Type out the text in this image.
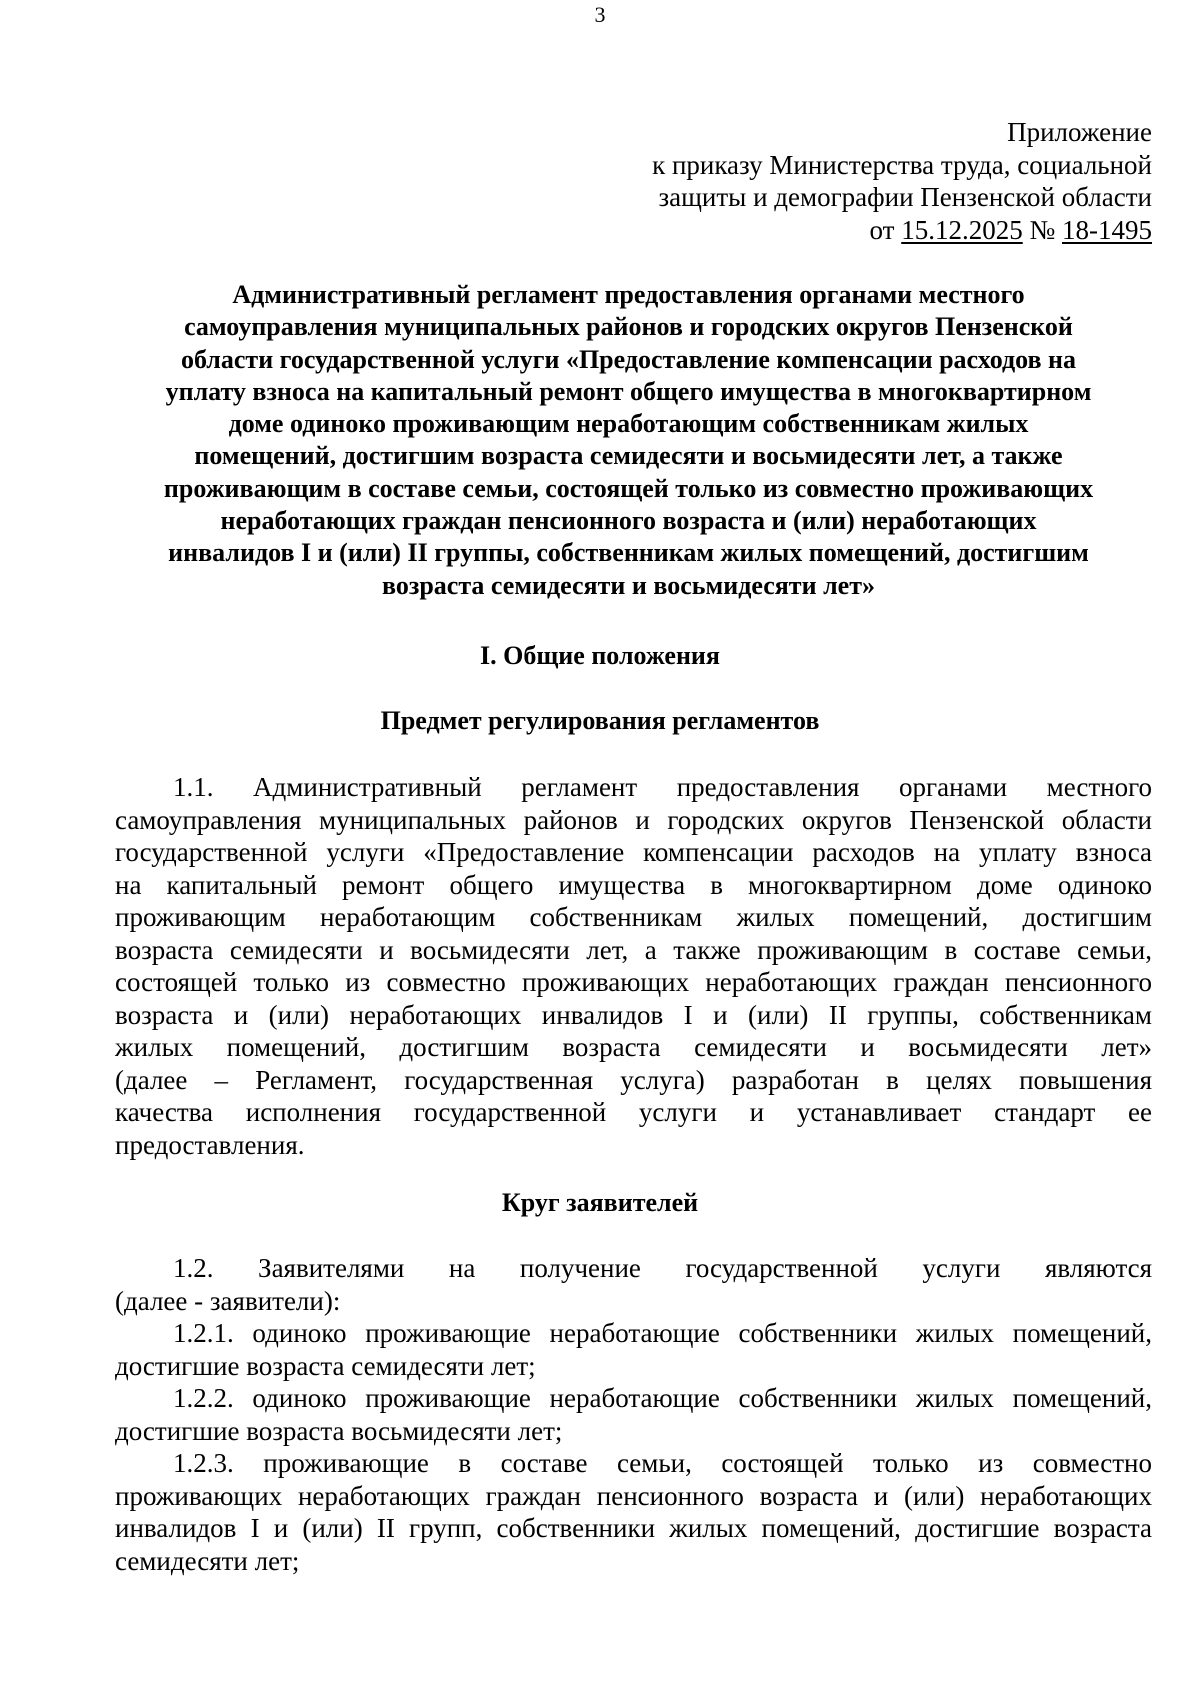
3
Приложение
к приказу Министерства труда, социальной
защиты и демографии Пензенской области
от 15.12.2025 № 18-1495
Административный регламент предоставления органами местного
самоуправления муниципальных районов и городских округов Пензенской
области государственной услуги «Предоставление компенсации расходов на
уплату взноса на капитальный ремонт общего имущества в многоквартирном
доме одиноко проживающим неработающим собственникам жилых
помещений, достигшим возраста семидесяти и восьмидесяти лет, а также
проживающим в составе семьи, состоящей только из совместно проживающих
неработающих граждан пенсионного возраста и (или) неработающих
инвалидов I и (или) II группы, собственникам жилых помещений, достигшим
возраста семидесяти и восьмидесяти лет»
I. Общие положения
Предмет регулирования регламентов
1.1. Административный регламент предоставления органами местного
самоуправления муниципальных районов и городских округов Пензенской области
государственной услуги «Предоставление компенсации расходов на уплату взноса
на капитальный ремонт общего имущества в многоквартирном доме одиноко
проживающим неработающим собственникам жилых помещений, достигшим
возраста семидесяти и восьмидесяти лет, а также проживающим в составе семьи,
состоящей только из совместно проживающих неработающих граждан пенсионного
возраста и (или) неработающих инвалидов I и (или) II группы, собственникам
жилых помещений, достигшим возраста семидесяти и восьмидесяти лет»
(далее – Регламент, государственная услуга) разработан в целях повышения
качества исполнения государственной услуги и устанавливает стандарт ее
предоставления.
Круг заявителей
1.2. Заявителями на получение государственной услуги являются
(далее - заявители):
1.2.1. одиноко проживающие неработающие собственники жилых помещений,
достигшие возраста семидесяти лет;
1.2.2. одиноко проживающие неработающие собственники жилых помещений,
достигшие возраста восьмидесяти лет;
1.2.3. проживающие в составе семьи, состоящей только из совместно
проживающих неработающих граждан пенсионного возраста и (или) неработающих
инвалидов I и (или) II групп, собственники жилых помещений, достигшие возраста
семидесяти лет;
